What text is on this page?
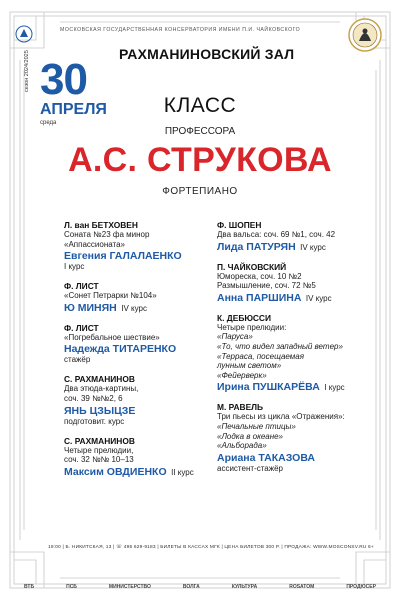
МОСКОВСКАЯ ГОСУДАРСТВЕННАЯ КОНСЕРВАТОРИЯ ИМЕНИ П.И. ЧАЙКОВСКОГО
РАХМАНИНОВСКИЙ ЗАЛ
сезон 2024/2025 30
АПРЕЛЯ
среда
КЛАСС
ПРОФЕССОРА
А.С. СТРУКОВА
ФОРТЕПИАНО
Л. ван БЕТХОВЕН
Соната №23 фа минор
«Аппассионата»
Евгения ГАЛАЛАЕНКО
I курс
Ф. ЛИСТ
«Сонет Петрарки №104»
Ю МИНЯН IV курс
Ф. ЛИСТ
«Погребальное шествие»
Надежда ТИТАРЕНКО
стажёр
С. РАХМАНИНОВ
Два этюда-картины,
соч. 39 №№2, 6
ЯНЬ ЦЗЫЦЗЕ
подготовит. курс
С. РАХМАНИНОВ
Четыре прелюдии,
соч. 32 №№ 10–13
Максим ОВДИЕНКО II курс
Ф. ШОПЕН
Два вальса: соч. 69 №1, соч. 42
Лида ПАТУРЯН IV курс
П. ЧАЙКОВСКИЙ
Юмореска, соч. 10 №2
Размышление, соч. 72 №5
Анна ПАРШИНА IV курс
К. ДЕБЮССИ
Четыре прелюдии:
«Паруса»
«То, что видел западный ветер»
«Терраса, посещаемая
лунным светом»
«Фейерверк»
Ирина ПУШКАРЁВА I курс
М. РАВЕЛЬ
Три пьесы из цикла «Отражения»:
«Печальные птицы»
«Лодка в океане»
«Альборада»
Ариана ТАКАЗОВА
ассистент-стажёр
19:00 | Б. НИКИТСКАЯ, 13 | ☏ 495 629-9183 | БИЛЕТЫ В КАССАХ МГК | ЦЕНА БИЛЕТОВ 300 Р. | ПРОДАЖА: WWW.MOSCONSV.RU 6+
ВТБ	ПСБ	МИНИСТЕРСТВО	ВОЛГА	КУЛЬТУРА	ROSATOM	ПРОДЮСЕР
